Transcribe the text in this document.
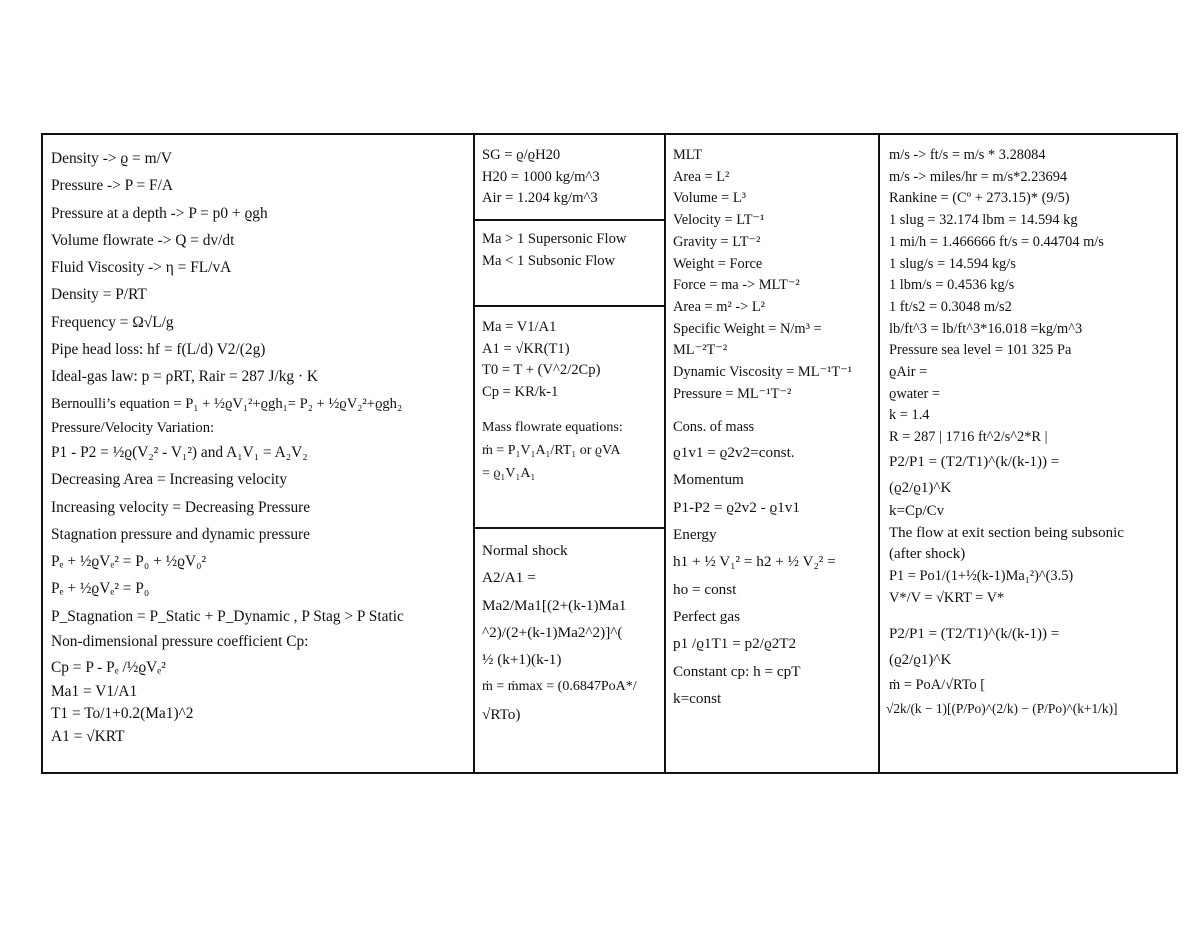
Density -> ϱ = m/V
Pressure -> P = F/A
Pressure at a depth -> P = p0 + ϱgh
Volume flowrate -> Q = dv/dt
Fluid Viscosity -> η = FL/vA
Density = P/RT
Frequency = Ω√L/g
Pipe head loss: hf = f(L/d) V2/(2g)
Ideal-gas law: p = ρRT, Rair = 287 J/kg · K
Bernoulli’s equation = P₁ + ½ϱV₁²+ϱgh₁= P₂ + ½ϱV₂²+ϱgh₂
Pressure/Velocity Variation:
P1 - P2 = ½ϱ(V₂² - V₁²) and A₁V₁ = A₂V₂
Decreasing Area = Increasing velocity
Increasing velocity = Decreasing Pressure
Stagnation pressure and dynamic pressure
Pₑ + ½ϱVₑ² = P₀ + ½ϱV₀²
Pₑ + ½ϱVₑ² = P₀
P_Stagnation = P_Static + P_Dynamic , P Stag > P Static
Non-dimensional pressure coefficient Cp:
Cp = P - Pₑ /½ϱVₑ²
Ma1 = V1/A1
T1 = To/1+0.2(Ma1)^2
A1 = √KRT
SG = ϱ/ϱH20
H20 = 1000 kg/m^3
Air = 1.204 kg/m^3
Ma > 1 Supersonic Flow
Ma < 1 Subsonic Flow
Ma = V1/A1
A1 = √KR(T1)
T0 = T + (V^2/2Cp)
Cp = KR/k-1
Mass flowrate equations:
ṁ = P₁V₁A₁/RT₁ or ϱVA
= ϱ₁V₁A₁
Normal shock
A2/A1 =
Ma2/Ma1[(2+(k-1)Ma1
^2)/(2+(k-1)Ma2^2)]^(
½ (k+1)(k-1)
ṁ = ṁmax = (0.6847PoA*/
√RTo)
MLT
Area = L²
Volume = L³
Velocity = LT⁻¹
Gravity = LT⁻²
Weight = Force
Force = ma -> MLT⁻²
Area = m² -> L²
Specific Weight = N/m³ =
ML⁻²T⁻²
Dynamic Viscosity = ML⁻¹T⁻¹
Pressure = ML⁻¹T⁻²
Cons. of mass
ϱ1v1 = ϱ2v2=const.
Momentum
P1-P2 = ϱ2v2 - ϱ1v1
Energy
h1 + ½ V₁² = h2 + ½ V₂² =
ho = const
Perfect gas
p1 /ϱ1T1 = p2/ϱ2T2
Constant cp: h = cpT
k=const
m/s -> ft/s = m/s * 3.28084
m/s -> miles/hr = m/s*2.23694
Rankine = (Cº + 273.15)* (9/5)
1 slug = 32.174 lbm = 14.594 kg
1 mi/h = 1.466666 ft/s = 0.44704 m/s
1 slug/s = 14.594 kg/s
1 lbm/s = 0.4536 kg/s
1 ft/s2 = 0.3048 m/s2
lb/ft^3 = lb/ft^3*16.018 =kg/m^3
Pressure sea level = 101 325 Pa
ϱAir =
ϱwater =
k = 1.4
R = 287 | 1716 ft^2/s^2*R |
P2/P1 = (T2/T1)^(k/(k-1)) =
(ϱ2/ϱ1)^K
k=Cp/Cv
The flow at exit section being subsonic
(after shock)
P1 = Po1/(1+½(k-1)Ma₁²)^(3.5)
V*/V = √KRT = V*
P2/P1 = (T2/T1)^(k/(k-1)) =
(ϱ2/ϱ1)^K
ṁ = PoA/√RTo [
√2k/(k − 1)[(P/Po)^(2/k) − (P/Po)^(k+1/k)]
